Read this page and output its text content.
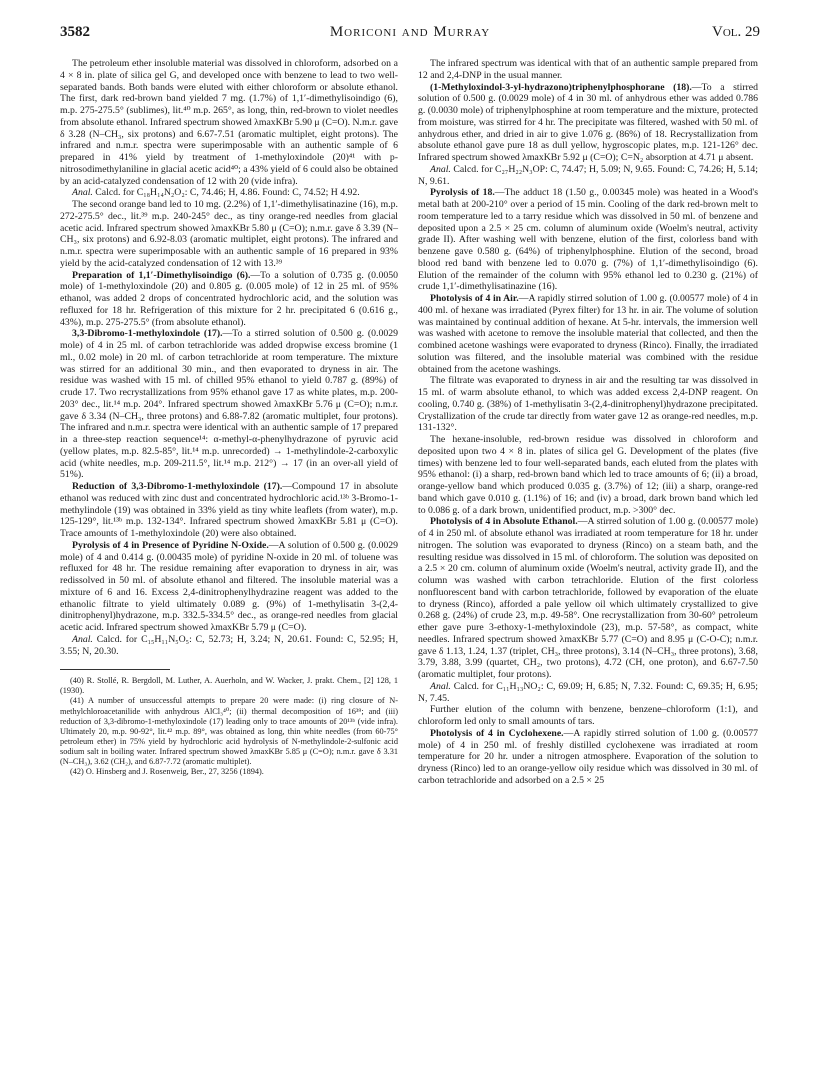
3582	Moriconi and Murray	Vol. 29

The petroleum ether insoluble material was dissolved in chloroform, adsorbed on a 4 × 8 in. plate of silica gel G, and developed once with benzene to lead to two well-separated bands. Both bands were eluted with either chloroform or absolute ethanol. The first, dark red-brown band yielded 7 mg. (1.7%) of 1,1′-dimethylisoindigo (6), m.p. 275-275.5° (sublimes), lit.⁴⁰ m.p. 265°, as long, thin, red-brown to violet needles from absolute ethanol. Infrared spectrum showed λmaxKBr 5.90 μ (C=O). N.m.r. gave δ 3.28 (N–CH₃, six protons) and 6.67-7.51 (aromatic multiplet, eight protons). The infrared and n.m.r. spectra were superimposable with an authentic sample of 6 prepared in 41% yield by treatment of 1-methyloxindole (20)⁴¹ with p-nitrosodimethylaniline in glacial acetic acid⁴⁰; a 43% yield of 6 could also be obtained by an acid-catalyzed condensation of 12 with 20 (vide infra).

Anal. Calcd. for C₁₈H₁₄N₂O₂: C, 74.46; H, 4.86. Found: C, 74.52; H 4.92.

The second orange band led to 10 mg. (2.2%) of 1,1′-dimethylisatinazine (16), m.p. 272-275.5° dec., lit.³⁹ m.p. 240-245° dec., as tiny orange-red needles from glacial acetic acid. Infrared spectrum showed λmaxKBr 5.80 μ (C=O); n.m.r. gave δ 3.39 (N–CH₃, six protons) and 6.92-8.03 (aromatic multiplet, eight protons). The infrared and n.m.r. spectra were superimposable with an authentic sample of 16 prepared in 93% yield by the acid-catalyzed condensation of 12 with 13.³⁹

Preparation of 1,1′-Dimethylisoindigo (6).—To a solution of 0.735 g. (0.0050 mole) of 1-methyloxindole (20) and 0.805 g. (0.005 mole) of 12 in 25 ml. of 95% ethanol, was added 2 drops of concentrated hydrochloric acid, and the solution was refluxed for 18 hr. Refrigeration of this mixture for 2 hr. precipitated 6 (0.616 g., 43%), m.p. 275-275.5° (from absolute ethanol).

3,3-Dibromo-1-methyloxindole (17).—To a stirred solution of 0.500 g. (0.0029 mole) of 4 in 25 ml. of carbon tetrachloride was added dropwise excess bromine (1 ml., 0.02 mole) in 20 ml. of carbon tetrachloride at room temperature. The mixture was stirred for an additional 30 min., and then evaporated to dryness in air. The residue was washed with 15 ml. of chilled 95% ethanol to yield 0.787 g. (89%) of crude 17. Two recrystallizations from 95% ethanol gave 17 as white plates, m.p. 200-203° dec., lit.¹⁴ m.p. 204°. Infrared spectrum showed λmaxKBr 5.76 μ (C=O); n.m.r. gave δ 3.34 (N–CH₃, three protons) and 6.88-7.82 (aromatic multiplet, four protons). The infrared and n.m.r. spectra were identical with an authentic sample of 17 prepared in a three-step reaction sequence¹⁴: α-methyl-α-phenylhydrazone of pyruvic acid (yellow plates, m.p. 82.5-85°, lit.¹⁴ m.p. unrecorded) → 1-methylindole-2-carboxylic acid (white needles, m.p. 209-211.5°, lit.¹⁴ m.p. 212°) → 17 (in an over-all yield of 51%).

Reduction of 3,3-Dibromo-1-methyloxindole (17).—Compound 17 in absolute ethanol was reduced with zinc dust and concentrated hydrochloric acid.¹³ᵇ 3-Bromo-1-methylindole (19) was obtained in 33% yield as tiny white leaflets (from water), m.p. 125-129°, lit.¹³ᵇ m.p. 132-134°. Infrared spectrum showed λmaxKBr 5.81 μ (C=O). Trace amounts of 1-methyloxindole (20) were also obtained.

Pyrolysis of 4 in Presence of Pyridine N-Oxide.—A solution of 0.500 g. (0.0029 mole) of 4 and 0.414 g. (0.00435 mole) of pyridine N-oxide in 20 ml. of toluene was refluxed for 48 hr. The residue remaining after evaporation to dryness in air, was redissolved in 50 ml. of absolute ethanol and filtered. The insoluble material was a mixture of 6 and 16. Excess 2,4-dinitrophenylhydrazine reagent was added to the ethanolic filtrate to yield ultimately 0.089 g. (9%) of 1-methylisatin 3-(2,4-dinitrophenyl)hydrazone, m.p. 332.5-334.5° dec., as orange-red needles from glacial acetic acid. Infrared spectrum showed λmaxKBr 5.79 μ (C=O).

Anal. Calcd. for C₁₅H₁₁N₅O₅: C, 52.73; H, 3.24; N, 20.61. Found: C, 52.95; H, 3.55; N, 20.30.

(40) R. Stollé, R. Bergdoll, M. Luther, A. Auerholn, and W. Wacker, J. prakt. Chem., [2] 128, 1 (1930).

(41) A number of unsuccessful attempts to prepare 20 were made: (i) ring closure of N-methylchloroacetanilide with anhydrous AlCl₃⁴⁰; (ii) thermal decomposition of 16³⁹; and (iii) reduction of 3,3-dibromo-1-methyloxindole (17) leading only to trace amounts of 20¹³ᵇ (vide infra). Ultimately 20, m.p. 90-92°, lit.⁴² m.p. 89°, was obtained as long, thin white needles (from 60-75° petroleum ether) in 75% yield by hydrochloric acid hydrolysis of N-methylindole-2-sulfonic acid sodium salt in boiling water. Infrared spectrum showed λmaxKBr 5.85 μ (C=O); n.m.r. gave δ 3.31 (N–CH₃), 3.62 (CH₂), and 6.87-7.72 (aromatic multiplet).

(42) O. Hinsberg and J. Rosenweig, Ber., 27, 3256 (1894).

The infrared spectrum was identical with that of an authentic sample prepared from 12 and 2,4-DNP in the usual manner.

(1-Methyloxindol-3-yl-hydrazono)triphenylphosphorane (18).—To a stirred solution of 0.500 g. (0.0029 mole) of 4 in 30 ml. of anhydrous ether was added 0.786 g. (0.0030 mole) of triphenylphosphine at room temperature and the mixture, protected from moisture, was stirred for 4 hr. The precipitate was filtered, washed with 50 ml. of anhydrous ether, and dried in air to give 1.076 g. (86%) of 18. Recrystallization from absolute ethanol gave pure 18 as dull yellow, hygroscopic plates, m.p. 121-126° dec. Infrared spectrum showed λmaxKBr 5.92 μ (C=O); C=N₂ absorption at 4.71 μ absent.

Anal. Calcd. for C₂₇H₂₂N₃OP: C, 74.47; H, 5.09; N, 9.65. Found: C, 74.26; H, 5.14; N, 9.61.

Pyrolysis of 18.—The adduct 18 (1.50 g., 0.00345 mole) was heated in a Wood's metal bath at 200-210° over a period of 15 min. Cooling of the dark red-brown melt to room temperature led to a tarry residue which was dissolved in 50 ml. of benzene and deposited upon a 2.5 × 25 cm. column of aluminum oxide (Woelm's neutral, activity grade II). After washing well with benzene, elution of the first, colorless band with benzene gave 0.580 g. (64%) of triphenylphosphine. Elution of the second, broad blood red band with benzene led to 0.070 g. (7%) of 1,1′-dimethylisoindigo (6). Elution of the remainder of the column with 95% ethanol led to 0.230 g. (21%) of crude 1,1′-dimethylisatinazine (16).

Photolysis of 4 in Air.—A rapidly stirred solution of 1.00 g. (0.00577 mole) of 4 in 400 ml. of hexane was irradiated (Pyrex filter) for 13 hr. in air. The volume of solution was maintained by continual addition of hexane. At 5-hr. intervals, the immersion well was washed with acetone to remove the insoluble material that collected, and then the combined acetone washings were evaporated to dryness (Rinco). Finally, the irradiated solution was filtered, and the insoluble material was combined with the residue obtained from the acetone washings.

The filtrate was evaporated to dryness in air and the resulting tar was dissolved in 15 ml. of warm absolute ethanol, to which was added excess 2,4-DNP reagent. On cooling, 0.740 g. (38%) of 1-methylisatin 3-(2,4-dinitrophenyl)hydrazone precipitated. Crystallization of the crude tar directly from water gave 12 as orange-red needles, m.p. 131-132°.

The hexane-insoluble, red-brown residue was dissolved in chloroform and deposited upon two 4 × 8 in. plates of silica gel G. Development of the plates (five times) with benzene led to four well-separated bands, each eluted from the plates with 95% ethanol: (i) a sharp, red-brown band which led to trace amounts of 6; (ii) a broad, orange-yellow band which produced 0.035 g. (3.7%) of 12; (iii) a sharp, orange-red band which gave 0.010 g. (1.1%) of 16; and (iv) a broad, dark brown band which led to 0.086 g. of a dark brown, unidentified product, m.p. >300° dec.

Photolysis of 4 in Absolute Ethanol.—A stirred solution of 1.00 g. (0.00577 mole) of 4 in 250 ml. of absolute ethanol was irradiated at room temperature for 18 hr. under nitrogen. The solution was evaporated to dryness (Rinco) on a steam bath, and the resulting residue was dissolved in 15 ml. of chloroform. The solution was deposited on a 2.5 × 20 cm. column of aluminum oxide (Woelm's neutral, activity grade II), and the column was washed with carbon tetrachloride. Elution of the first colorless nonfluorescent band with carbon tetrachloride, followed by evaporation of the eluate to dryness (Rinco), afforded a pale yellow oil which ultimately crystallized to give 0.268 g. (24%) of crude 23, m.p. 49-58°. One recrystallization from 30-60° petroleum ether gave pure 3-ethoxy-1-methyloxindole (23), m.p. 57-58°, as compact, white needles. Infrared spectrum showed λmaxKBr 5.77 (C=O) and 8.95 μ (C-O-C); n.m.r. gave δ 1.13, 1.24, 1.37 (triplet, CH₃, three protons), 3.14 (N–CH₃, three protons), 3.68, 3.79, 3.88, 3.99 (quartet, CH₂, two protons), 4.72 (CH, one proton), and 6.67-7.50 (aromatic multiplet, four protons).

Anal. Calcd. for C₁₁H₁₃NO₂: C, 69.09; H, 6.85; N, 7.32. Found: C, 69.35; H, 6.95; N, 7.45.

Further elution of the column with benzene, benzene–chloroform (1:1), and chloroform led only to small amounts of tars.

Photolysis of 4 in Cyclohexene.—A rapidly stirred solution of 1.00 g. (0.00577 mole) of 4 in 250 ml. of freshly distilled cyclohexene was irradiated at room temperature for 20 hr. under a nitrogen atmosphere. Evaporation of the solution to dryness (Rinco) led to an orange-yellow oily residue which was dissolved in 30 ml. of carbon tetrachloride and adsorbed on a 2.5 × 25
